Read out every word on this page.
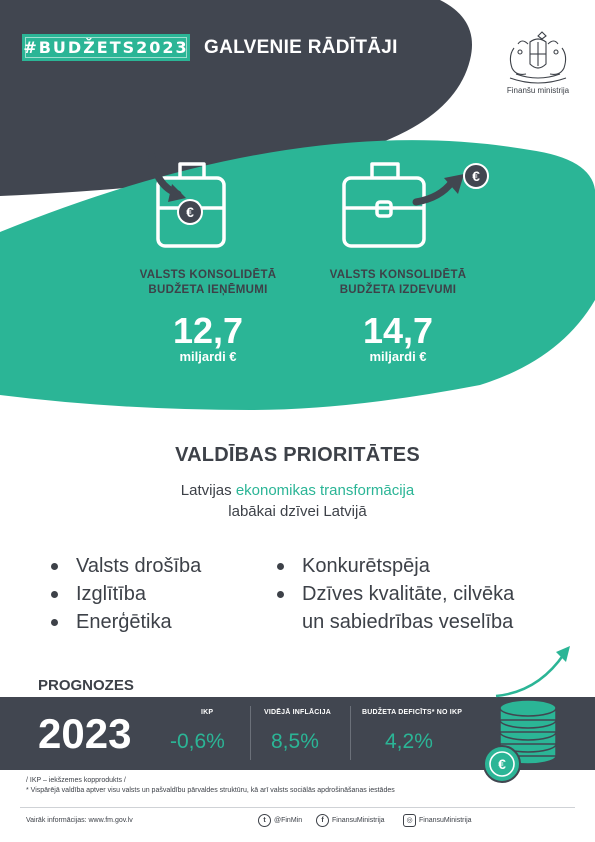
#BUDŽETS2023 GALVENIE RĀDĪTĀJI
Finanšu ministrija
€
€
VALSTS KONSOLIDĒTĀ
BUDŽETA IEŅĒMUMI
12,7
miljardi €
VALSTS KONSOLIDĒTĀ
BUDŽETA IZDEVUMI
14,7
miljardi €
VALDĪBAS PRIORITĀTES
Latvijas ekonomikas transformācija
labākai dzīvei Latvijā
Valsts drošība
Izglītība
Enerģētika
Konkurētspēja
Dzīves kvalitāte, cilvēka
un sabiedrības veselība
PROGNOZES
2023	IKP
-0,6%
VIDĒJĀ INFLĀCIJA
8,5%
BUDŽETA DEFICĪTS* NO IKP
4,2%
€
/ IKP – iekšzemes kopprodukts /
* Vispārējā valdība aptver visu valsts un pašvaldību pārvaldes struktūru, kā arī valsts sociālās apdrošināšanas iestādes
Vairāk informācijas: www.fm.gov.lv	t	@FinMin	f	FinansuMinistrija	◎ FinansuMinistrija
